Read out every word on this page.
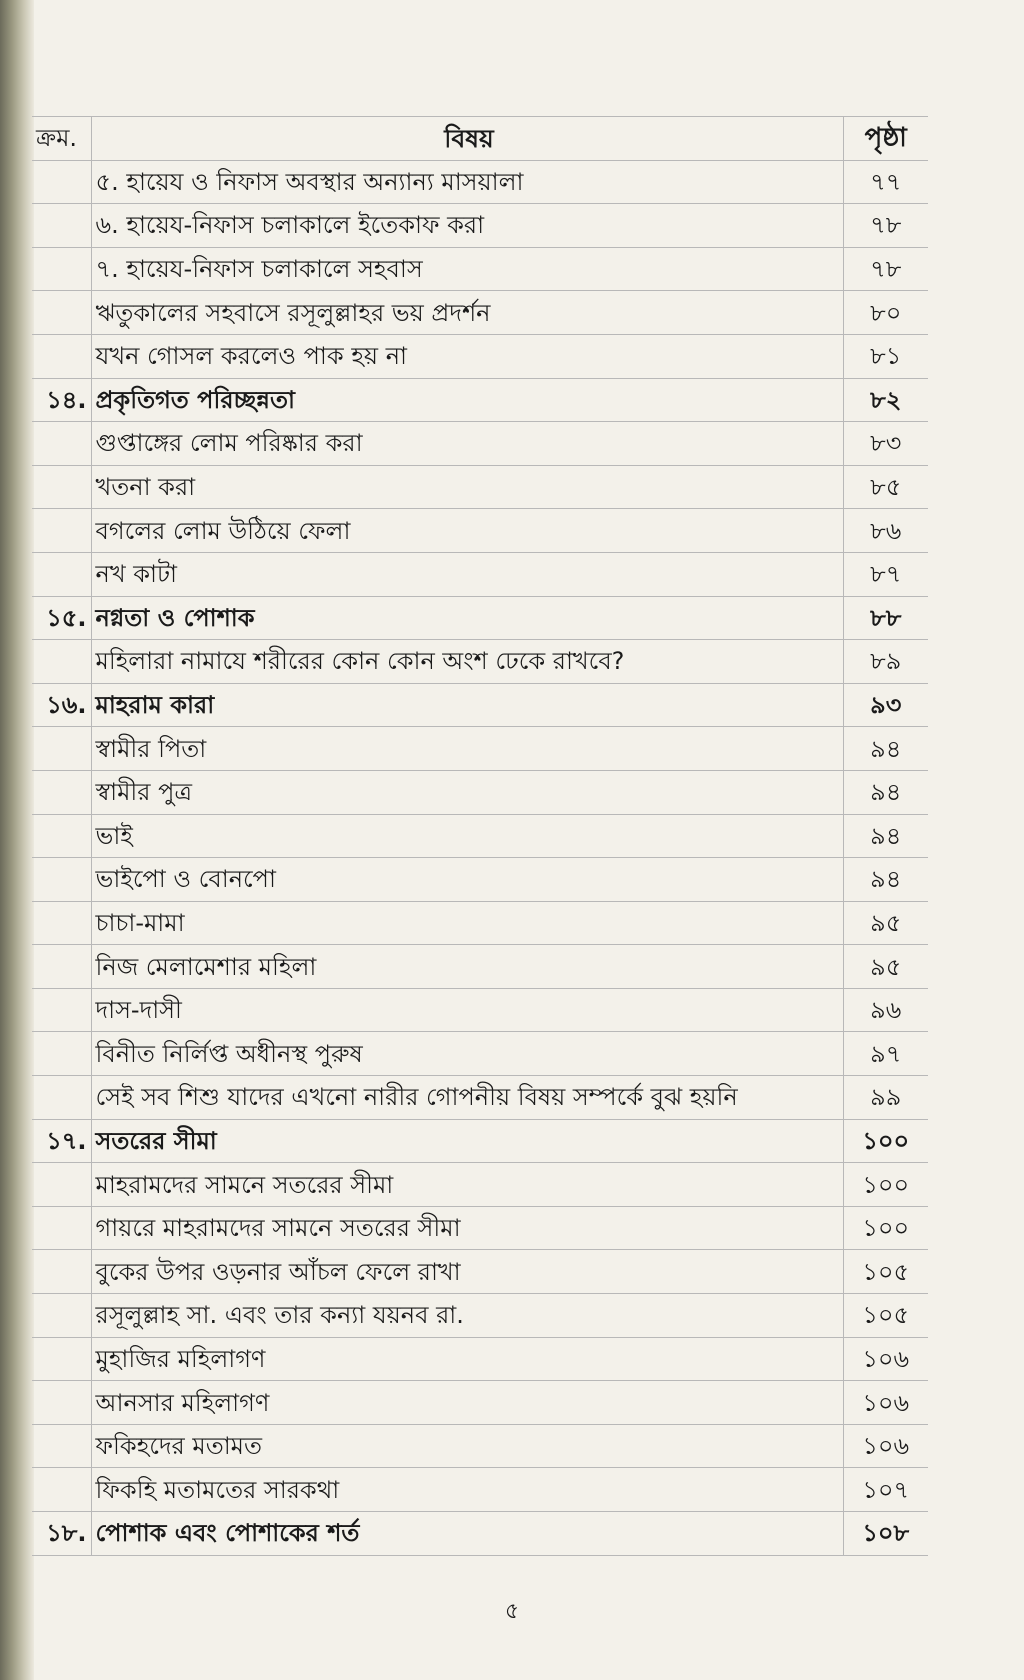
ক্রম.	বিষয়	পৃষ্ঠা
	৫. হায়েয ও নিফাস অবস্থার অন্যান্য মাসয়ালা	৭৭
	৬. হায়েয-নিফাস চলাকালে ইতেকাফ করা	৭৮
	৭. হায়েয-নিফাস চলাকালে সহবাস	৭৮
	ঋতুকালের সহবাসে রসূলুল্লাহর ভয় প্রদর্শন	৮০
	যখন গোসল করলেও পাক হয় না	৮১
১৪.	প্রকৃতিগত পরিচ্ছন্নতা	৮২
	গুপ্তাঙ্গের লোম পরিষ্কার করা	৮৩
	খতনা করা	৮৫
	বগলের লোম উঠিয়ে ফেলা	৮৬
	নখ কাটা	৮৭
১৫.	নগ্নতা ও পোশাক	৮৮
	মহিলারা নামাযে শরীরের কোন কোন অংশ ঢেকে রাখবে?	৮৯
১৬.	মাহরাম কারা	৯৩
	স্বামীর পিতা	৯৪
	স্বামীর পুত্র	৯৪
	ভাই	৯৪
	ভাইপো ও বোনপো	৯৪
	চাচা-মামা	৯৫
	নিজ মেলামেশার মহিলা	৯৫
	দাস-দাসী	৯৬
	বিনীত নির্লিপ্ত অধীনস্থ পুরুষ	৯৭
	সেই সব শিশু যাদের এখনো নারীর গোপনীয় বিষয় সম্পর্কে বুঝ হয়নি	৯৯
১৭.	সতরের সীমা	১০০
	মাহরামদের সামনে সতরের সীমা	১০০
	গায়রে মাহরামদের সামনে সতরের সীমা	১০০
	বুকের উপর ওড়নার আঁচল ফেলে রাখা	১০৫
	রসূলুল্লাহ সা. এবং তার কন্যা যয়নব রা.	১০৫
	মুহাজির মহিলাগণ	১০৬
	আনসার মহিলাগণ	১০৬
	ফকিহদের মতামত	১০৬
	ফিকহি মতামতের সারকথা	১০৭
১৮.	পোশাক এবং পোশাকের শর্ত	১০৮
৫
